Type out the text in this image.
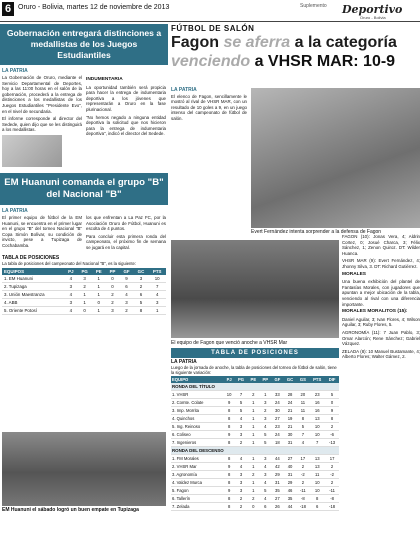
6 Oruro - Bolivia, martes 12 de noviembre de 2013	Suplemento Deportivo
Oruro - Bolivia
Gobernación entregará distinciones a medallistas de los Juegos Estudiantiles
LA PATRIA

La Gobernación de Oruro, mediante el Servicio Departamental de Deportes, hoy a las 11:00 horas en el salón de la gobernación, procederá a la entrega de distinciones a los medallistas de los Juegos Estudiantiles "Presidente Evo", en el nivel de secundaria.

El informe corresponde al director del Sedede, quien dijo que se les distinguirá a los medallistas.

INDUMENTARIA

La oportunidad también será propicia para hacer la entrega de indumentaria deportiva a los jóvenes que representarán a Oruro en la fase plurinacional.

"No hemos negado a ninguna entidad deportiva la solicitud que nos hicieron para la entrega de indumentaria deportiva", indicó el director del Sedede.

EM Huanuni comanda el grupo "B" del Nacional "B"
LA PATRIA

El primer equipo de fútbol de la EM Huanuni, se encuentra en el primer lugar en el grupo "B" del torneo Nacional "B" Copa Simón Bolívar, su condición de invicto, pese a Tupizaga de Cochabamba.

los que enfrentan a La Paz FC, por la Asociación Oruro de Fútbol, Huanuni es escolta de 4 puntos.

Para concluir esta primera ronda del campeonato, el próximo fin de semana se jugará en la capital.

TABLA DE POSICIONES
La tabla de posiciones del campeonato del Nacional "B", es la siguiente:
EQUIPOS	PJ	PG	PE	PP	GF	GC	PTS
1. EM Huanuni	4	3	1	0	9	3	10
2. Tupizaga	3	2	1	0	6	2	7
3. Unión Maestranza	4	1	1	2	4	6	4
4. ABB	3	1	0	2	3	5	3
5. Oriente Potosí	4	0	1	3	2	8	1
EM Huanuni el sábado logró un buen empate en Tupizaga
FÚTBOL DE SALÓN
Fagon se aferra a la categoría
venciendo a VHSR MAR: 10-9
LA PATRIA

El elenco de Fagon, sencillamente le mostró al rival de VHSR MAR, con un resultado de 10 goles a 9, en un juego intenso del campeonato de fútbol de salón.

Evert Fernández intenta sorprender a la defensa de Fagon
El equipo de Fagon que venció anoche a VHSR Mar
TABLA DE POSICIONES
LA PATRIA
Luego de la jornada de anoche, la tabla de posiciones del torneo de fútbol de salón, tiene la siguiente variación:
EQUIPO	PJ	PG	PE	PP	GF	GC	GS	PTS	DIF
RONDA DEL TÍTULO									
1. VHSR	10	7	2	1	33	28	20	23	5
2. Comte. Colate	9	5	1	3	24	24	11	16	0
3. Imp. Morrita	8	5	1	2	30	21	11	16	9
4. Quinchos	8	4	1	3	27	19	8	13	8
5. Ing. Reinoso	8	3	1	4	23	21	5	10	2
6. Coliseo	9	3	1	5	24	30	7	10	-6
7. Ingenieros	8	2	1	5	18	31	4	7	-13
RONDA DEL DESCENSO									
1. FM Morales	8	4	1	3	44	27	17	13	17
2. VHSR Mar	9	4	1	4	42	40	2	13	2
3. Agronomía	8	3	2	3	29	31	-2	11	-2
4. Valdez Murca	8	3	1	4	31	29	2	10	2
5. Fagon	9	3	1	5	35	46	-11	10	-11
6. Tallerín	8	2	2	4	27	35	-8	8	-8
7. Zelada	8	2	0	6	26	44	-18	6	-18

FAGON (10): Jonas Vera, 4; Aldrin Cortez, 0; Josué Charca, 3; Félix Sánchez, 1; Zenon Quiroz. DT: Wilder Huanca.

VHSR MAR (9): Evert Fernández, 4; Jhonny Silva, 3. DT: Richard Gutiérrez.

MORALES

Una buena exhibición del plantel de Fantasías Morales, con jugadores que apuntan a mejor ubicación de la tabla, venciendo al rival con una diferencia importante.

MORALES MORALITOS (15):

Daniel Aguilar, 3; Ivan Flores, 4; Wilson Aguilar, 3; Ruby Flores, 5.

AGRONOMÍA (11): 7 Juan Pablo, 3; Omar Alarcón; Rene Sánchez; Gabriel Vázquez.

ZELADA (8): 10 Manuel Bustamante, 4; Alberto Flores; Walter Gámez, 2.
